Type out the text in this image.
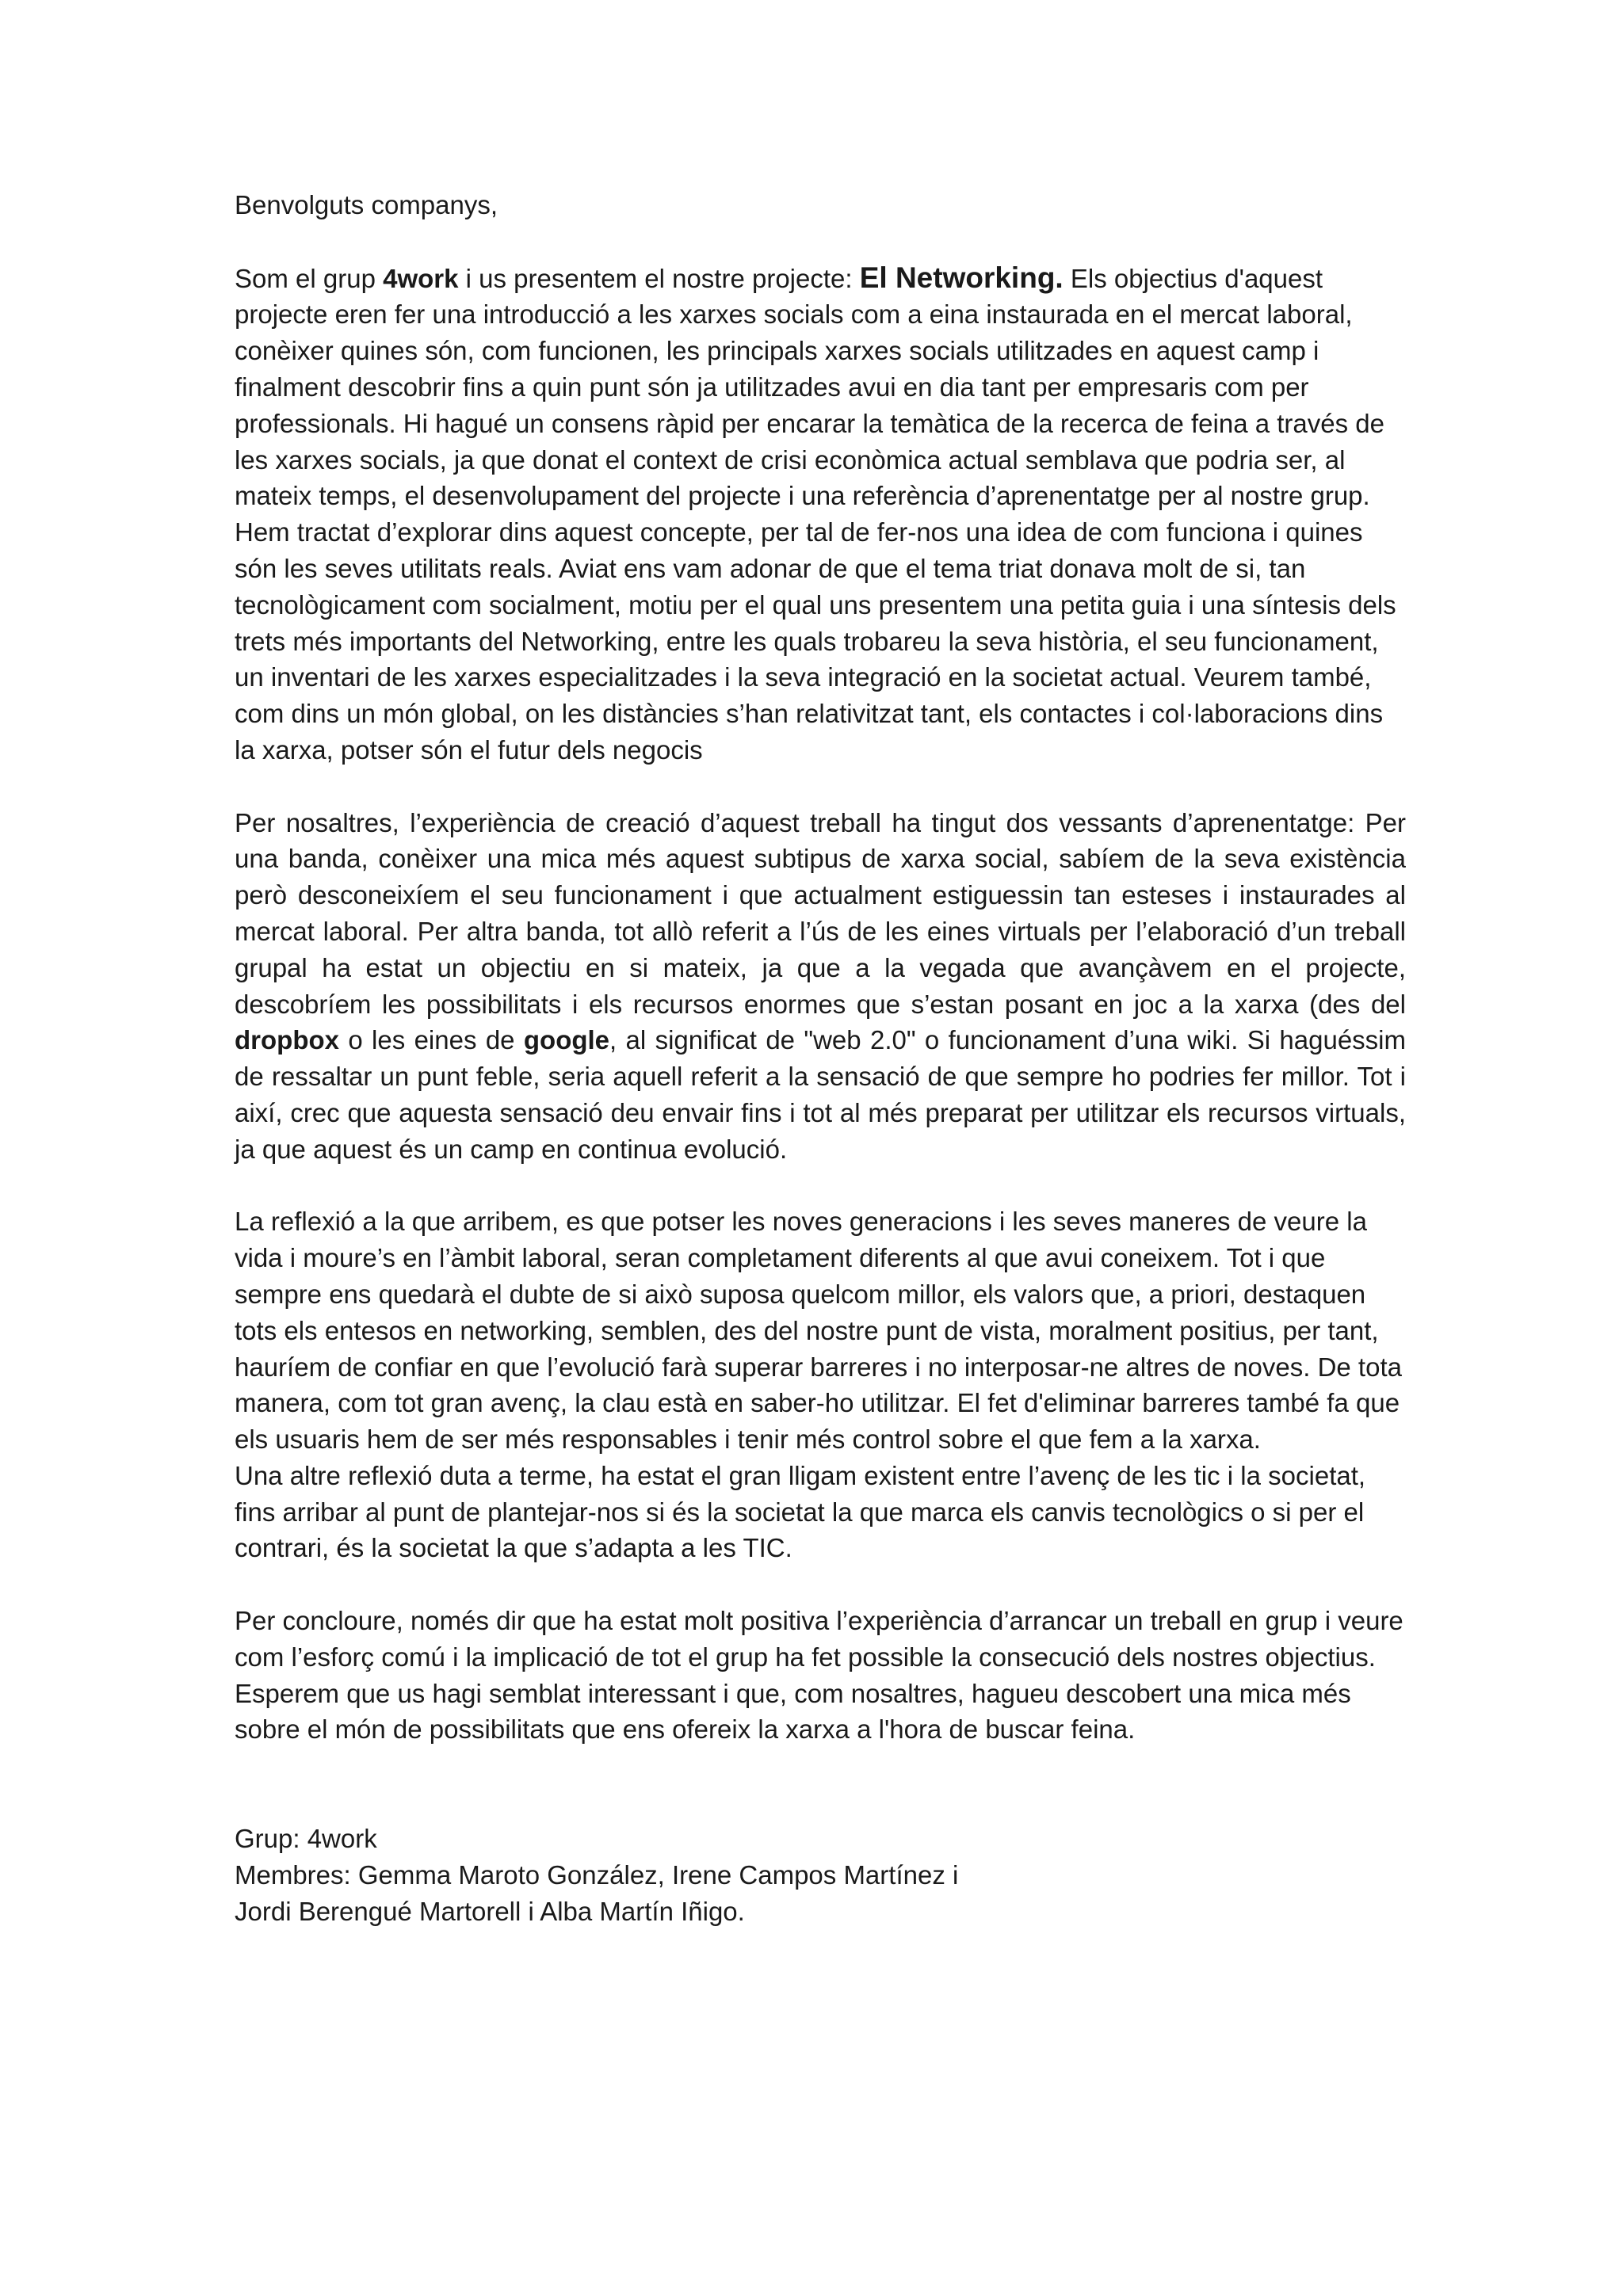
Benvolguts companys,

Som el grup 4work i us presentem el nostre projecte: El Networking. Els objectius d'aquest projecte eren fer una introducció a les xarxes socials com a eina instaurada en el mercat laboral, conèixer quines són, com funcionen, les principals xarxes socials utilitzades en aquest camp i finalment descobrir fins a quin punt són ja utilitzades avui en dia tant per empresaris com per professionals. Hi hagué un consens ràpid per encarar la temàtica de la recerca de feina a través de les xarxes socials, ja que donat el context de crisi econòmica actual semblava que podria ser, al mateix temps, el desenvolupament del projecte i una referència d’aprenentatge per al nostre grup. Hem tractat d’explorar dins aquest concepte, per tal de fer-nos una idea de com funciona i quines són les seves utilitats reals. Aviat ens vam adonar de que el tema triat donava molt de si, tan tecnològicament com socialment, motiu per el qual uns presentem una petita guia i una síntesis dels trets més importants del Networking, entre les quals trobareu la seva història, el seu funcionament, un inventari de les xarxes especialitzades i la seva integració en la societat actual. Veurem també, com dins un món global, on les distàncies s’han relativitzat tant, els contactes i col·laboracions dins la xarxa, potser són el futur dels negocis

Per nosaltres, l’experiència de creació d’aquest treball ha tingut dos vessants d’aprenentatge: Per una banda, conèixer una mica més aquest subtipus de xarxa social, sabíem de la seva existència però desconeixíem el seu funcionament i que actualment estiguessin tan esteses i instaurades al mercat laboral. Per altra banda, tot allò referit a l’ús de les eines virtuals per l’elaboració d’un treball grupal ha estat un objectiu en si mateix, ja que a la vegada que avançàvem en el projecte, descobríem les possibilitats i els recursos enormes que s’estan posant en joc a la xarxa (des del dropbox o les eines de google, al significat de "web 2.0" o funcionament d’una wiki. Si haguéssim de ressaltar un punt feble, seria aquell referit a la sensació de que sempre ho podries fer millor. Tot i així, crec que aquesta sensació deu envair fins i tot al més preparat per utilitzar els recursos virtuals, ja que aquest és un camp en continua evolució.

La reflexió a la que arribem, es que potser les noves generacions i les seves maneres de veure la vida i moure’s en l’àmbit laboral, seran completament diferents al que avui coneixem. Tot i que sempre ens quedarà el dubte de si això suposa quelcom millor, els valors que, a priori, destaquen tots els entesos en networking, semblen, des del nostre punt de vista, moralment positius, per tant, hauríem de confiar en que l’evolució farà superar barreres i no interposar-ne altres de noves. De tota manera, com tot gran avenç, la clau està en saber-ho utilitzar. El fet d'eliminar barreres també fa que els usuaris hem de ser més responsables i tenir més control sobre el que fem a la xarxa.

Una altre reflexió duta a terme, ha estat el gran lligam existent entre l’avenç de les tic i la societat, fins arribar al punt de plantejar-nos si és la societat la que marca els canvis tecnològics o si per el contrari, és la societat la que s’adapta a les TIC.

Per concloure, només dir que ha estat molt positiva l’experiència d’arrancar un treball en grup i veure com l’esforç comú i la implicació de tot el grup ha fet possible la consecució dels nostres objectius. Esperem que us hagi semblat interessant i que, com nosaltres, hagueu descobert una mica més sobre el món de possibilitats que ens ofereix la xarxa a l'hora de buscar feina.

Grup: 4work

Membres: Gemma Maroto González, Irene Campos Martínez i

Jordi Berengué Martorell i Alba Martín Iñigo.
